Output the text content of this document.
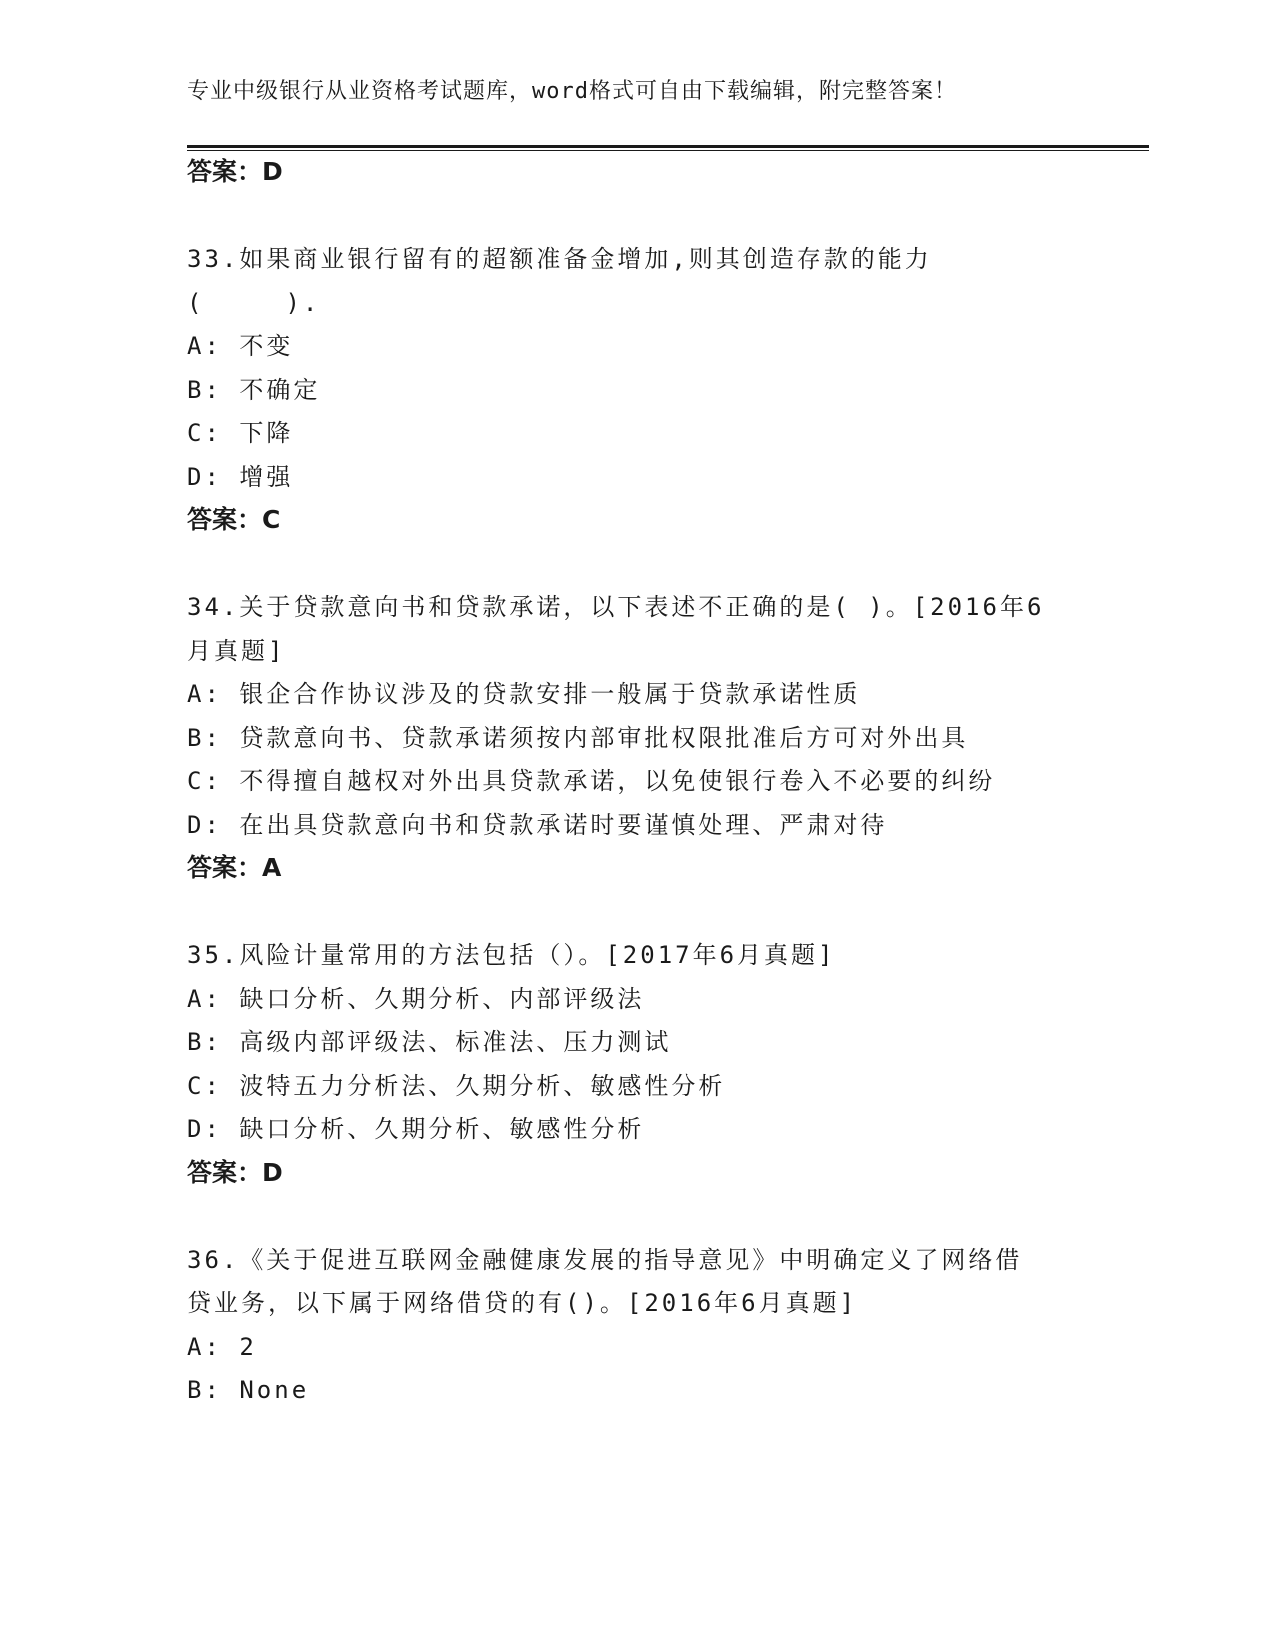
专业中级银行从业资格考试题库，word格式可自由下载编辑，附完整答案！
答案：D
33.如果商业银行留有的超额准备金增加,则其创造存款的能力
(　　　).
A: 不变
B: 不确定
C: 下降
D: 增强
答案：C
34.关于贷款意向书和贷款承诺，以下表述不正确的是( )。[2016年6
月真题]
A: 银企合作协议涉及的贷款安排一般属于贷款承诺性质
B: 贷款意向书、贷款承诺须按内部审批权限批准后方可对外出具
C: 不得擅自越权对外出具贷款承诺，以免使银行卷入不必要的纠纷
D: 在出具贷款意向书和贷款承诺时要谨慎处理、严肃对待
答案：A
35.风险计量常用的方法包括（）。[2017年6月真题]
A: 缺口分析、久期分析、内部评级法
B: 高级内部评级法、标准法、压力测试
C: 波特五力分析法、久期分析、敏感性分析
D: 缺口分析、久期分析、敏感性分析
答案：D
36.《关于促进互联网金融健康发展的指导意见》中明确定义了网络借
贷业务，以下属于网络借贷的有()。[2016年6月真题]
A: 2
B: None
